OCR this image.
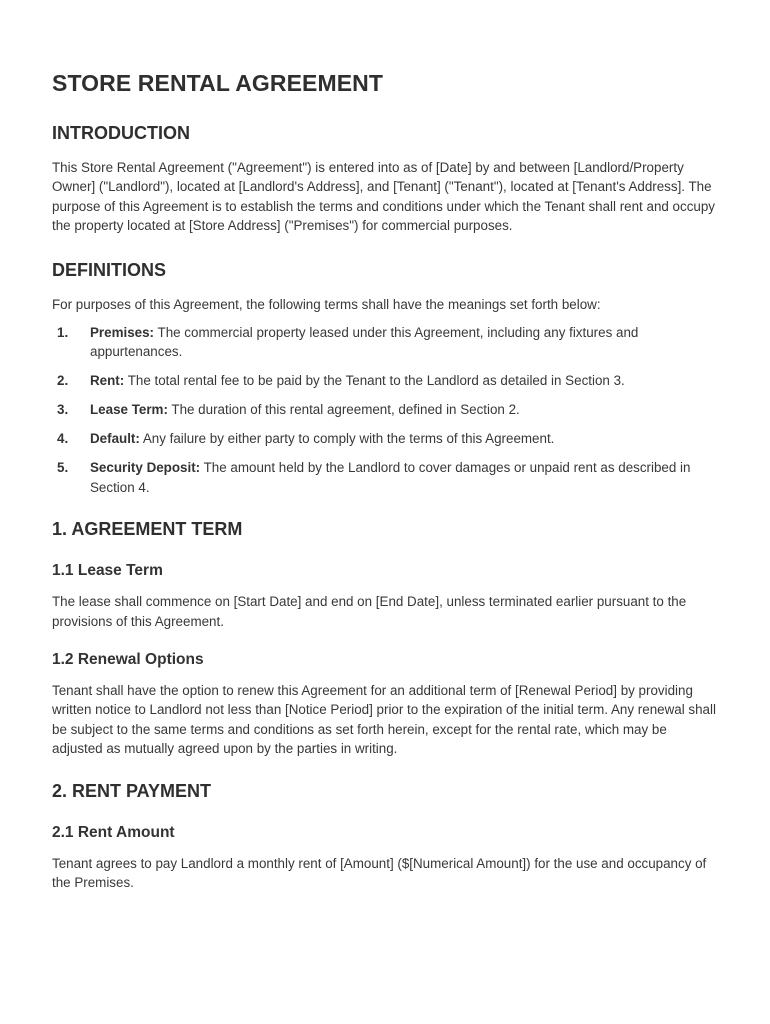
STORE RENTAL AGREEMENT
INTRODUCTION

This Store Rental Agreement ("Agreement") is entered into as of [Date] by and between [Landlord/Property Owner] ("Landlord"), located at [Landlord's Address], and [Tenant] ("Tenant"), located at [Tenant's Address]. The purpose of this Agreement is to establish the terms and conditions under which the Tenant shall rent and occupy the property located at [Store Address] ("Premises") for commercial purposes.

DEFINITIONS

For purposes of this Agreement, the following terms shall have the meanings set forth below:

1. Premises: The commercial property leased under this Agreement, including any fixtures and appurtenances.
2. Rent: The total rental fee to be paid by the Tenant to the Landlord as detailed in Section 3.
3. Lease Term: The duration of this rental agreement, defined in Section 2.
4. Default: Any failure by either party to comply with the terms of this Agreement.
5. Security Deposit: The amount held by the Landlord to cover damages or unpaid rent as described in Section 4.
1. AGREEMENT TERM
1.1 Lease Term

The lease shall commence on [Start Date] and end on [End Date], unless terminated earlier pursuant to the provisions of this Agreement.

1.2 Renewal Options

Tenant shall have the option to renew this Agreement for an additional term of [Renewal Period] by providing written notice to Landlord not less than [Notice Period] prior to the expiration of the initial term. Any renewal shall be subject to the same terms and conditions as set forth herein, except for the rental rate, which may be adjusted as mutually agreed upon by the parties in writing.

2. RENT PAYMENT
2.1 Rent Amount

Tenant agrees to pay Landlord a monthly rent of [Amount] ($[Numerical Amount]) for the use and occupancy of the Premises.
